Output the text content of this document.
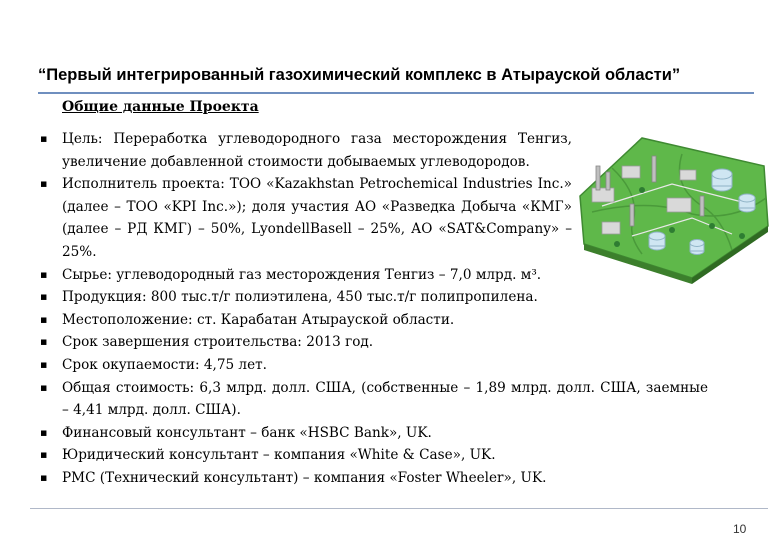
“Первый интегрированный газохимический комплекс в Атырауской области”
Общие данные Проекта
▪ Цель: Переработка углеводородного газа месторождения Тенгиз, увеличение добавленной стоимости добываемых углеводородов.
▪ Исполнитель проекта: ТОО «Kazakhstan Petrochemical Industries Inc.» (далее – ТОО «KPI Inc.»); доля участия АО «Разведка Добыча «КМГ» (далее – РД КМГ) – 50%, LyondellBasell – 25%, АО «SAT&Company» – 25%.
▪ Сырье: углеводородный газ месторождения Тенгиз – 7,0 млрд. м³.
▪ Продукция: 800 тыс.т/г полиэтилена, 450 тыс.т/г полипропилена.
▪ Местоположение: ст. Карабатан Атырауской области.
▪ Срок завершения строительства: 2013 год.
▪ Срок окупаемости: 4,75 лет.
▪ Общая стоимость: 6,3 млрд. долл. США, (собственные – 1,89 млрд. долл. США, заемные – 4,41 млрд. долл. США).
▪ Финансовый консультант – банк «HSBC Bank», UK.
▪ Юридический консультант – компания «White & Case», UK.
▪ PMC (Технический консультант) – компания «Foster Wheeler», UK.
10
